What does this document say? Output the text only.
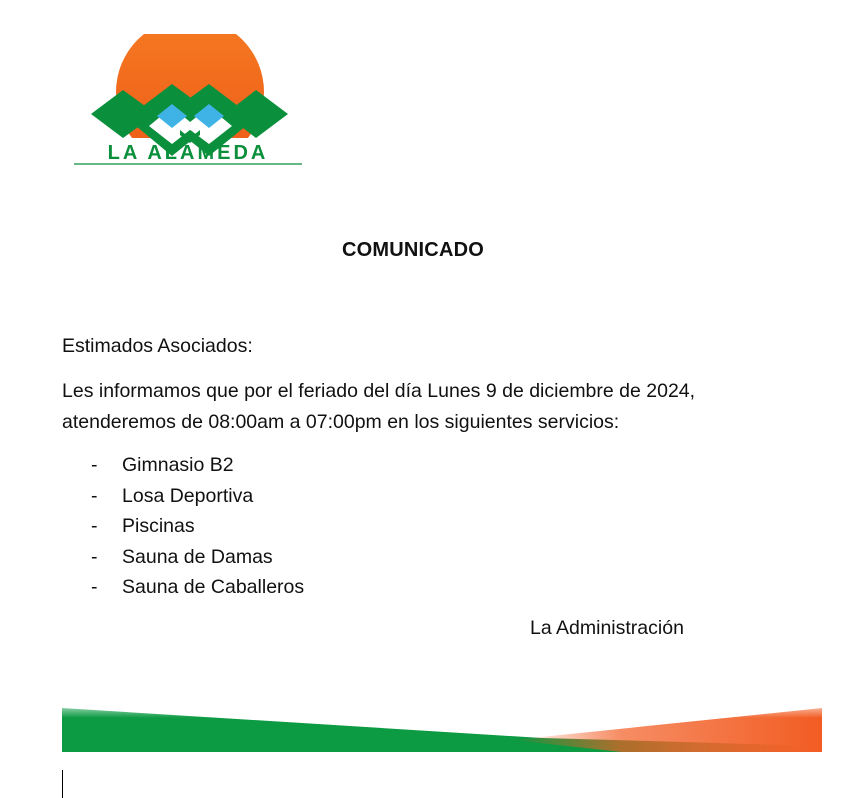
LA ALAMEDA
COMUNICADO
Estimados Asociados:
Les informamos que por el feriado del día Lunes 9 de diciembre de 2024,
atenderemos de 08:00am a 07:00pm en los siguientes servicios:
- Gimnasio B2
- Losa Deportiva
- Piscinas
- Sauna de Damas
- Sauna de Caballeros
La Administración
